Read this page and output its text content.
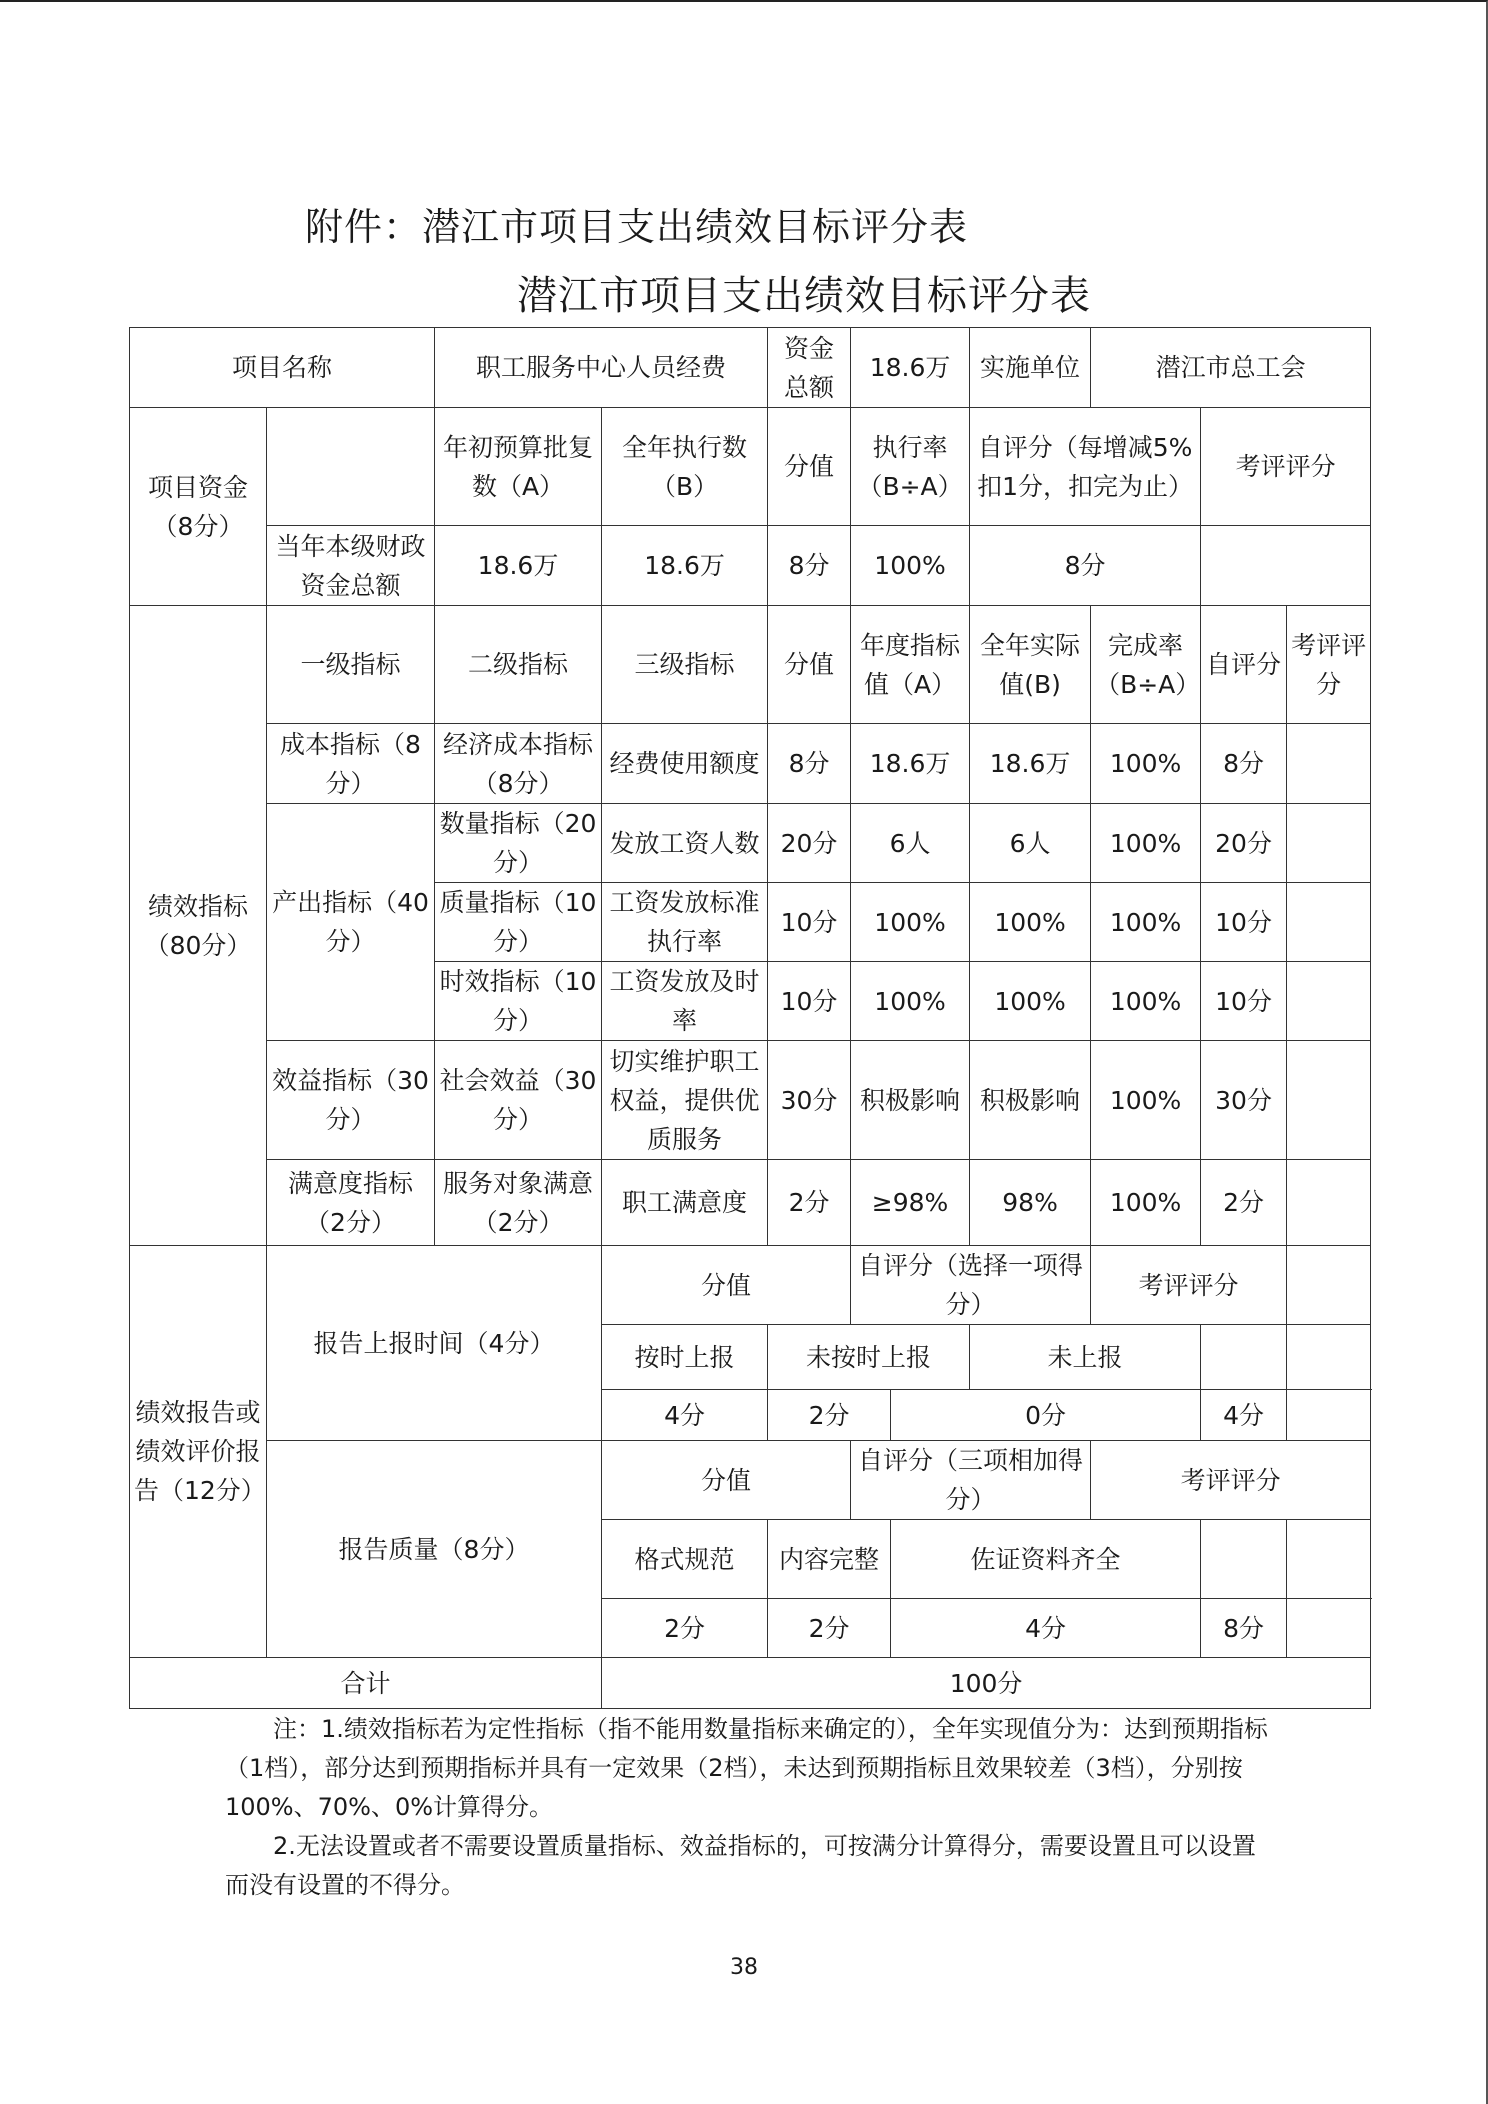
附件：潜江市项目支出绩效目标评分表
潜江市项目支出绩效目标评分表
项目名称		职工服务中心人员经费		资金总额	18.6万		实施单位	潜江市总工会		
项目资金（8分）		年初预算批复数（A）	全年执行数（B）	分值	执行率（B÷A）		自评分（每增减5%扣1分，扣完为止）		考评评分	
	当年本级财政资金总额	18.6万	18.6万	8分	100%		8分			
绩效指标（80分）	一级指标	二级指标	三级指标	分值	年度指标值（A）		全年实际值(B)	完成率（B÷A）	自评分	考评评分
	成本指标（8分）	经济成本指标（8分）	经费使用额度	8分	18.6万		18.6万	100%	8分	
	产出指标（40分）	数量指标（20分）	发放工资人数	20分	6人		6人	100%	20分	
		质量指标（10分）	工资发放标准执行率	10分	100%		100%	100%	10分	
		时效指标（10分）	工资发放及时率	10分	100%		100%	100%	10分	
	效益指标（30分）	社会效益（30分）	切实维护职工权益，提供优质服务	30分	积极影响		积极影响	100%	30分	
	满意度指标（2分）	服务对象满意（2分）	职工满意度	2分	≥98%		98%	100%	2分	
绩效报告或绩效评价报告（12分）	报告上报时间（4分）		分值		自评分（选择一项得分）			考评评分		
			按时上报	未按时上报			未上报			
			4分	2分		0分			4分	
	报告质量（8分）		分值		自评分（三项相加得分）			考评评分		
			格式规范	内容完整		佐证资料齐全				
			2分	2分		4分			8分	
合计			100分							

注：1.绩效指标若为定性指标（指不能用数量指标来确定的），全年实现值分为：达到预期指标（1档），部分达到预期指标并具有一定效果（2档），未达到预期指标且效果较差（3档），分别按100%、70%、0%计算得分。

2.无法设置或者不需要设置质量指标、效益指标的，可按满分计算得分，需要设置且可以设置而没有设置的不得分。

38
